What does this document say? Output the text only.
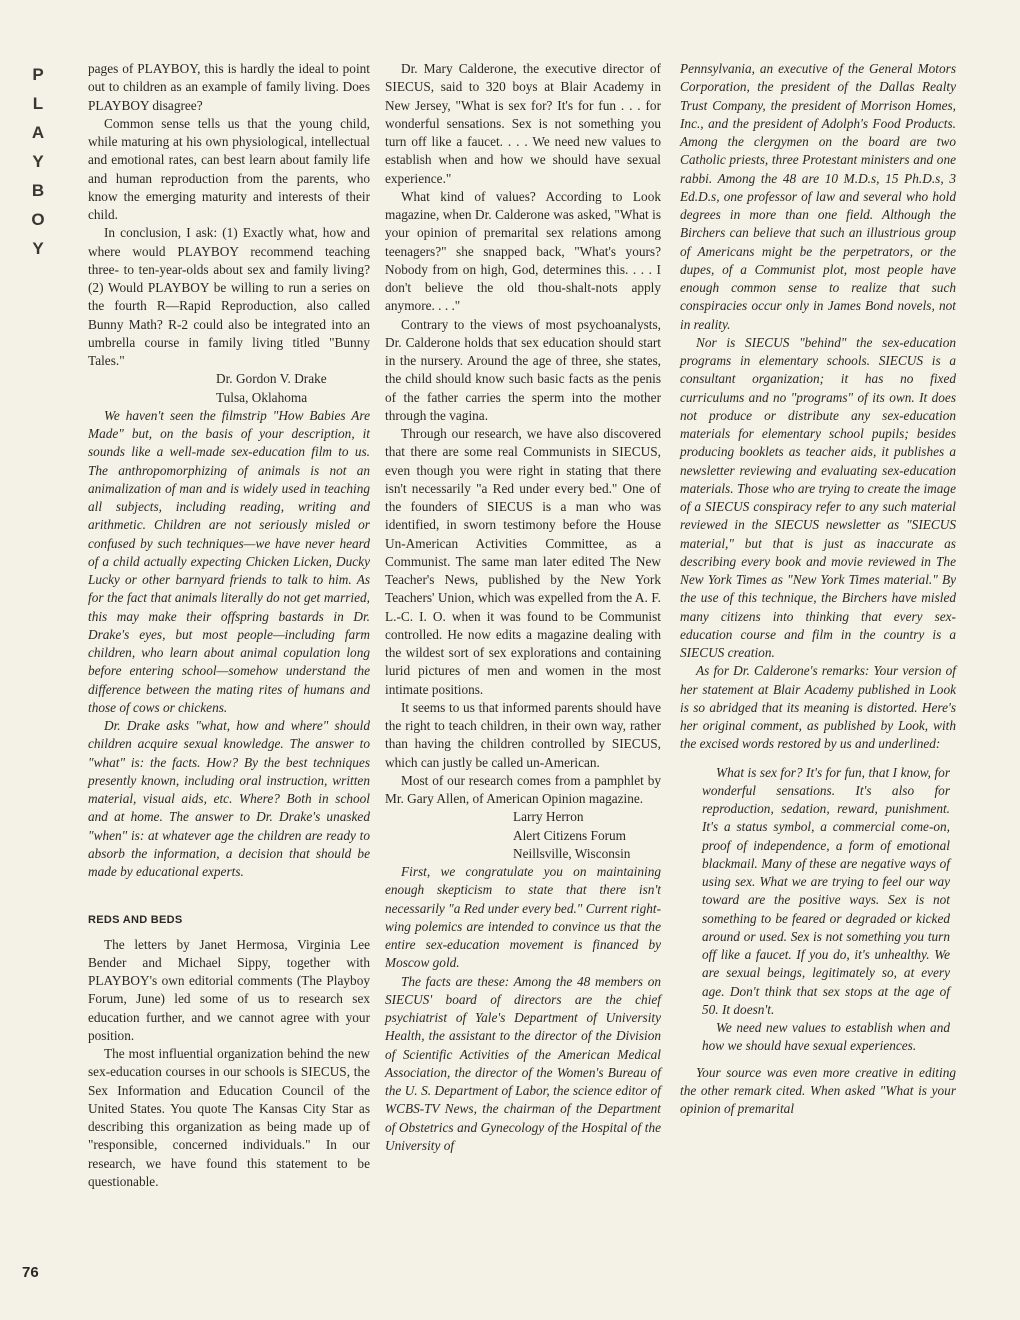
P
L
A
Y
B
O
Y
76

pages of PLAYBOY, this is hardly the ideal to point out to children as an example of family living. Does PLAYBOY disagree?

Common sense tells us that the young child, while maturing at his own physiological, intellectual and emotional rates, can best learn about family life and human reproduction from the parents, who know the emerging maturity and interests of their child.

In conclusion, I ask: (1) Exactly what, how and where would PLAYBOY recommend teaching three- to ten-year-olds about sex and family living? (2) Would PLAYBOY be willing to run a series on the fourth R—Rapid Reproduction, also called Bunny Math? R-2 could also be integrated into an umbrella course in family living titled "Bunny Tales."

Dr. Gordon V. Drake
Tulsa, Oklahoma

We haven't seen the filmstrip "How Babies Are Made" but, on the basis of your description, it sounds like a well-made sex-education film to us. The anthropomorphizing of animals is not an animalization of man and is widely used in teaching all subjects, including reading, writing and arithmetic. Children are not seriously misled or confused by such techniques—we have never heard of a child actually expecting Chicken Licken, Ducky Lucky or other barnyard friends to talk to him. As for the fact that animals literally do not get married, this may make their offspring bastards in Dr. Drake's eyes, but most people—including farm children, who learn about animal copulation long before entering school—somehow understand the difference between the mating rites of humans and those of cows or chickens.

Dr. Drake asks "what, how and where" should children acquire sexual knowledge. The answer to "what" is: the facts. How? By the best techniques presently known, including oral instruction, written material, visual aids, etc. Where? Both in school and at home. The answer to Dr. Drake's unasked "when" is: at whatever age the children are ready to absorb the information, a decision that should be made by educational experts.

REDS AND BEDS

The letters by Janet Hermosa, Virginia Lee Bender and Michael Sippy, together with PLAYBOY's own editorial comments (The Playboy Forum, June) led some of us to research sex education further, and we cannot agree with your position.

The most influential organization behind the new sex-education courses in our schools is SIECUS, the Sex Information and Education Council of the United States. You quote The Kansas City Star as describing this organization as being made up of "responsible, concerned individuals." In our research, we have found this statement to be questionable.

Dr. Mary Calderone, the executive director of SIECUS, said to 320 boys at Blair Academy in New Jersey, "What is sex for? It's for fun . . . for wonderful sensations. Sex is not something you turn off like a faucet. . . . We need new values to establish when and how we should have sexual experience."

What kind of values? According to Look magazine, when Dr. Calderone was asked, "What is your opinion of premarital sex relations among teenagers?" she snapped back, "What's yours? Nobody from on high, God, determines this. . . . I don't believe the old thou-shalt-nots apply anymore. . . ."

Contrary to the views of most psychoanalysts, Dr. Calderone holds that sex education should start in the nursery. Around the age of three, she states, the child should know such basic facts as the penis of the father carries the sperm into the mother through the vagina.

Through our research, we have also discovered that there are some real Communists in SIECUS, even though you were right in stating that there isn't necessarily "a Red under every bed." One of the founders of SIECUS is a man who was identified, in sworn testimony before the House Un-American Activities Committee, as a Communist. The same man later edited The New Teacher's News, published by the New York Teachers' Union, which was expelled from the A. F. L.-C. I. O. when it was found to be Communist controlled. He now edits a magazine dealing with the wildest sort of sex explorations and containing lurid pictures of men and women in the most intimate positions.

It seems to us that informed parents should have the right to teach children, in their own way, rather than having the children controlled by SIECUS, which can justly be called un-American.

Most of our research comes from a pamphlet by Mr. Gary Allen, of American Opinion magazine.

Larry Herron
Alert Citizens Forum
Neillsville, Wisconsin

First, we congratulate you on maintaining enough skepticism to state that there isn't necessarily "a Red under every bed." Current right-wing polemics are intended to convince us that the entire sex-education movement is financed by Moscow gold.

The facts are these: Among the 48 members on SIECUS' board of directors are the chief psychiatrist of Yale's Department of University Health, the assistant to the director of the Division of Scientific Activities of the American Medical Association, the director of the Women's Bureau of the U. S. Department of Labor, the science editor of WCBS-TV News, the chairman of the Department of Obstetrics and Gynecology of the Hospital of the University of

Pennsylvania, an executive of the General Motors Corporation, the president of the Dallas Realty Trust Company, the president of Morrison Homes, Inc., and the president of Adolph's Food Products. Among the clergymen on the board are two Catholic priests, three Protestant ministers and one rabbi. Among the 48 are 10 M.D.s, 15 Ph.D.s, 3 Ed.D.s, one professor of law and several who hold degrees in more than one field. Although the Birchers can believe that such an illustrious group of Americans might be the perpetrators, or the dupes, of a Communist plot, most people have enough common sense to realize that such conspiracies occur only in James Bond novels, not in reality.

Nor is SIECUS "behind" the sex-education programs in elementary schools. SIECUS is a consultant organization; it has no fixed curriculums and no "programs" of its own. It does not produce or distribute any sex-education materials for elementary school pupils; besides producing booklets as teacher aids, it publishes a newsletter reviewing and evaluating sex-education materials. Those who are trying to create the image of a SIECUS conspiracy refer to any such material reviewed in the SIECUS newsletter as "SIECUS material," but that is just as inaccurate as describing every book and movie reviewed in The New York Times as "New York Times material." By the use of this technique, the Birchers have misled many citizens into thinking that every sex-education course and film in the country is a SIECUS creation.

As for Dr. Calderone's remarks: Your version of her statement at Blair Academy published in Look is so abridged that its meaning is distorted. Here's her original comment, as published by Look, with the excised words restored by us and underlined:

What is sex for? It's for fun, that I know, for wonderful sensations. It's also for reproduction, sedation, reward, punishment. It's a status symbol, a commercial come-on, proof of independence, a form of emotional blackmail. Many of these are negative ways of using sex. What we are trying to feel our way toward are the positive ways. Sex is not something to be feared or degraded or kicked around or used. Sex is not something you turn off like a faucet. If you do, it's unhealthy. We are sexual beings, legitimately so, at every age. Don't think that sex stops at the age of 50. It doesn't.

We need new values to establish when and how we should have sexual experiences.

Your source was even more creative in editing the other remark cited. When asked "What is your opinion of premarital
